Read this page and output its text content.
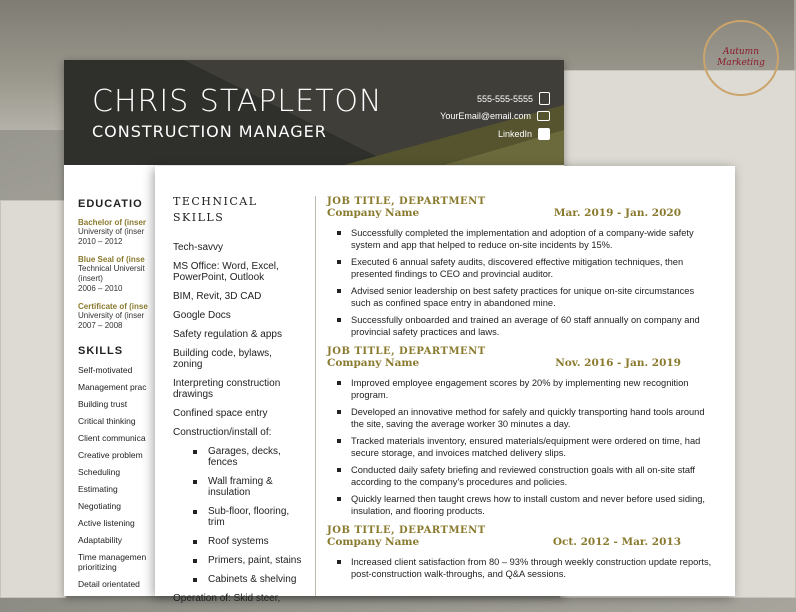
Autumn Marketing
CHRIS STAPLETON
CONSTRUCTION MANAGER
555-555-5555
YourEmail@email.com
LinkedIn
EDUCATIO
Bachelor of (inser
University of (inser
2010 – 2012
Blue Seal of (inse
Technical Universit
(insert)
2006 – 2010
Certificate of (inse
University of (inser
2007 – 2008
SKILLS
Self-motivated
Management prac
Building trust
Critical thinking
Client communica
Creative problem
Scheduling
Estimating
Negotiating
Active listening
Adaptability
Time managemen
prioritizing
Detail orientated
TECHNICAL SKILLS
Tech-savvy
MS Office: Word, Excel, PowerPoint, Outlook
BIM, Revit, 3D CAD
Google Docs
Safety regulation & apps
Building code, bylaws, zoning
Interpreting construction drawings
Confined space entry
Construction/install of:
Garages, decks, fences
Wall framing & insulation
Sub-floor, flooring, trim
Roof systems
Primers, paint, stains
Cabinets & shelving
Operation of: Skid steer,
JOB TITLE, DEPARTMENT
Company Name	Mar. 2019 - Jan. 2020
Successfully completed the implementation and adoption of a company-wide safety system and app that helped to reduce on-site incidents by 15%.
Executed 6 annual safety audits, discovered effective mitigation techniques, then presented findings to CEO and provincial auditor.
Advised senior leadership on best safety practices for unique on-site circumstances such as confined space entry in abandoned mine.
Successfully onboarded and trained an average of 60 staff annually on company and provincial safety practices and laws.
JOB TITLE, DEPARTMENT
Company Name	Nov. 2016 - Jan. 2019
Improved employee engagement scores by 20% by implementing new recognition program.
Developed an innovative method for safely and quickly transporting hand tools around the site, saving the average worker 30 minutes a day.
Tracked materials inventory, ensured materials/equipment were ordered on time, had secure storage, and invoices matched delivery slips.
Conducted daily safety briefing and reviewed construction goals with all on-site staff according to the company's procedures and policies.
Quickly learned then taught crews how to install custom and never before used siding, insulation, and flooring products.
JOB TITLE, DEPARTMENT
Company Name	Oct. 2012 - Mar. 2013
Increased client satisfaction from 80 – 93% through weekly construction update reports, post-construction walk-throughs, and Q&A sessions.
